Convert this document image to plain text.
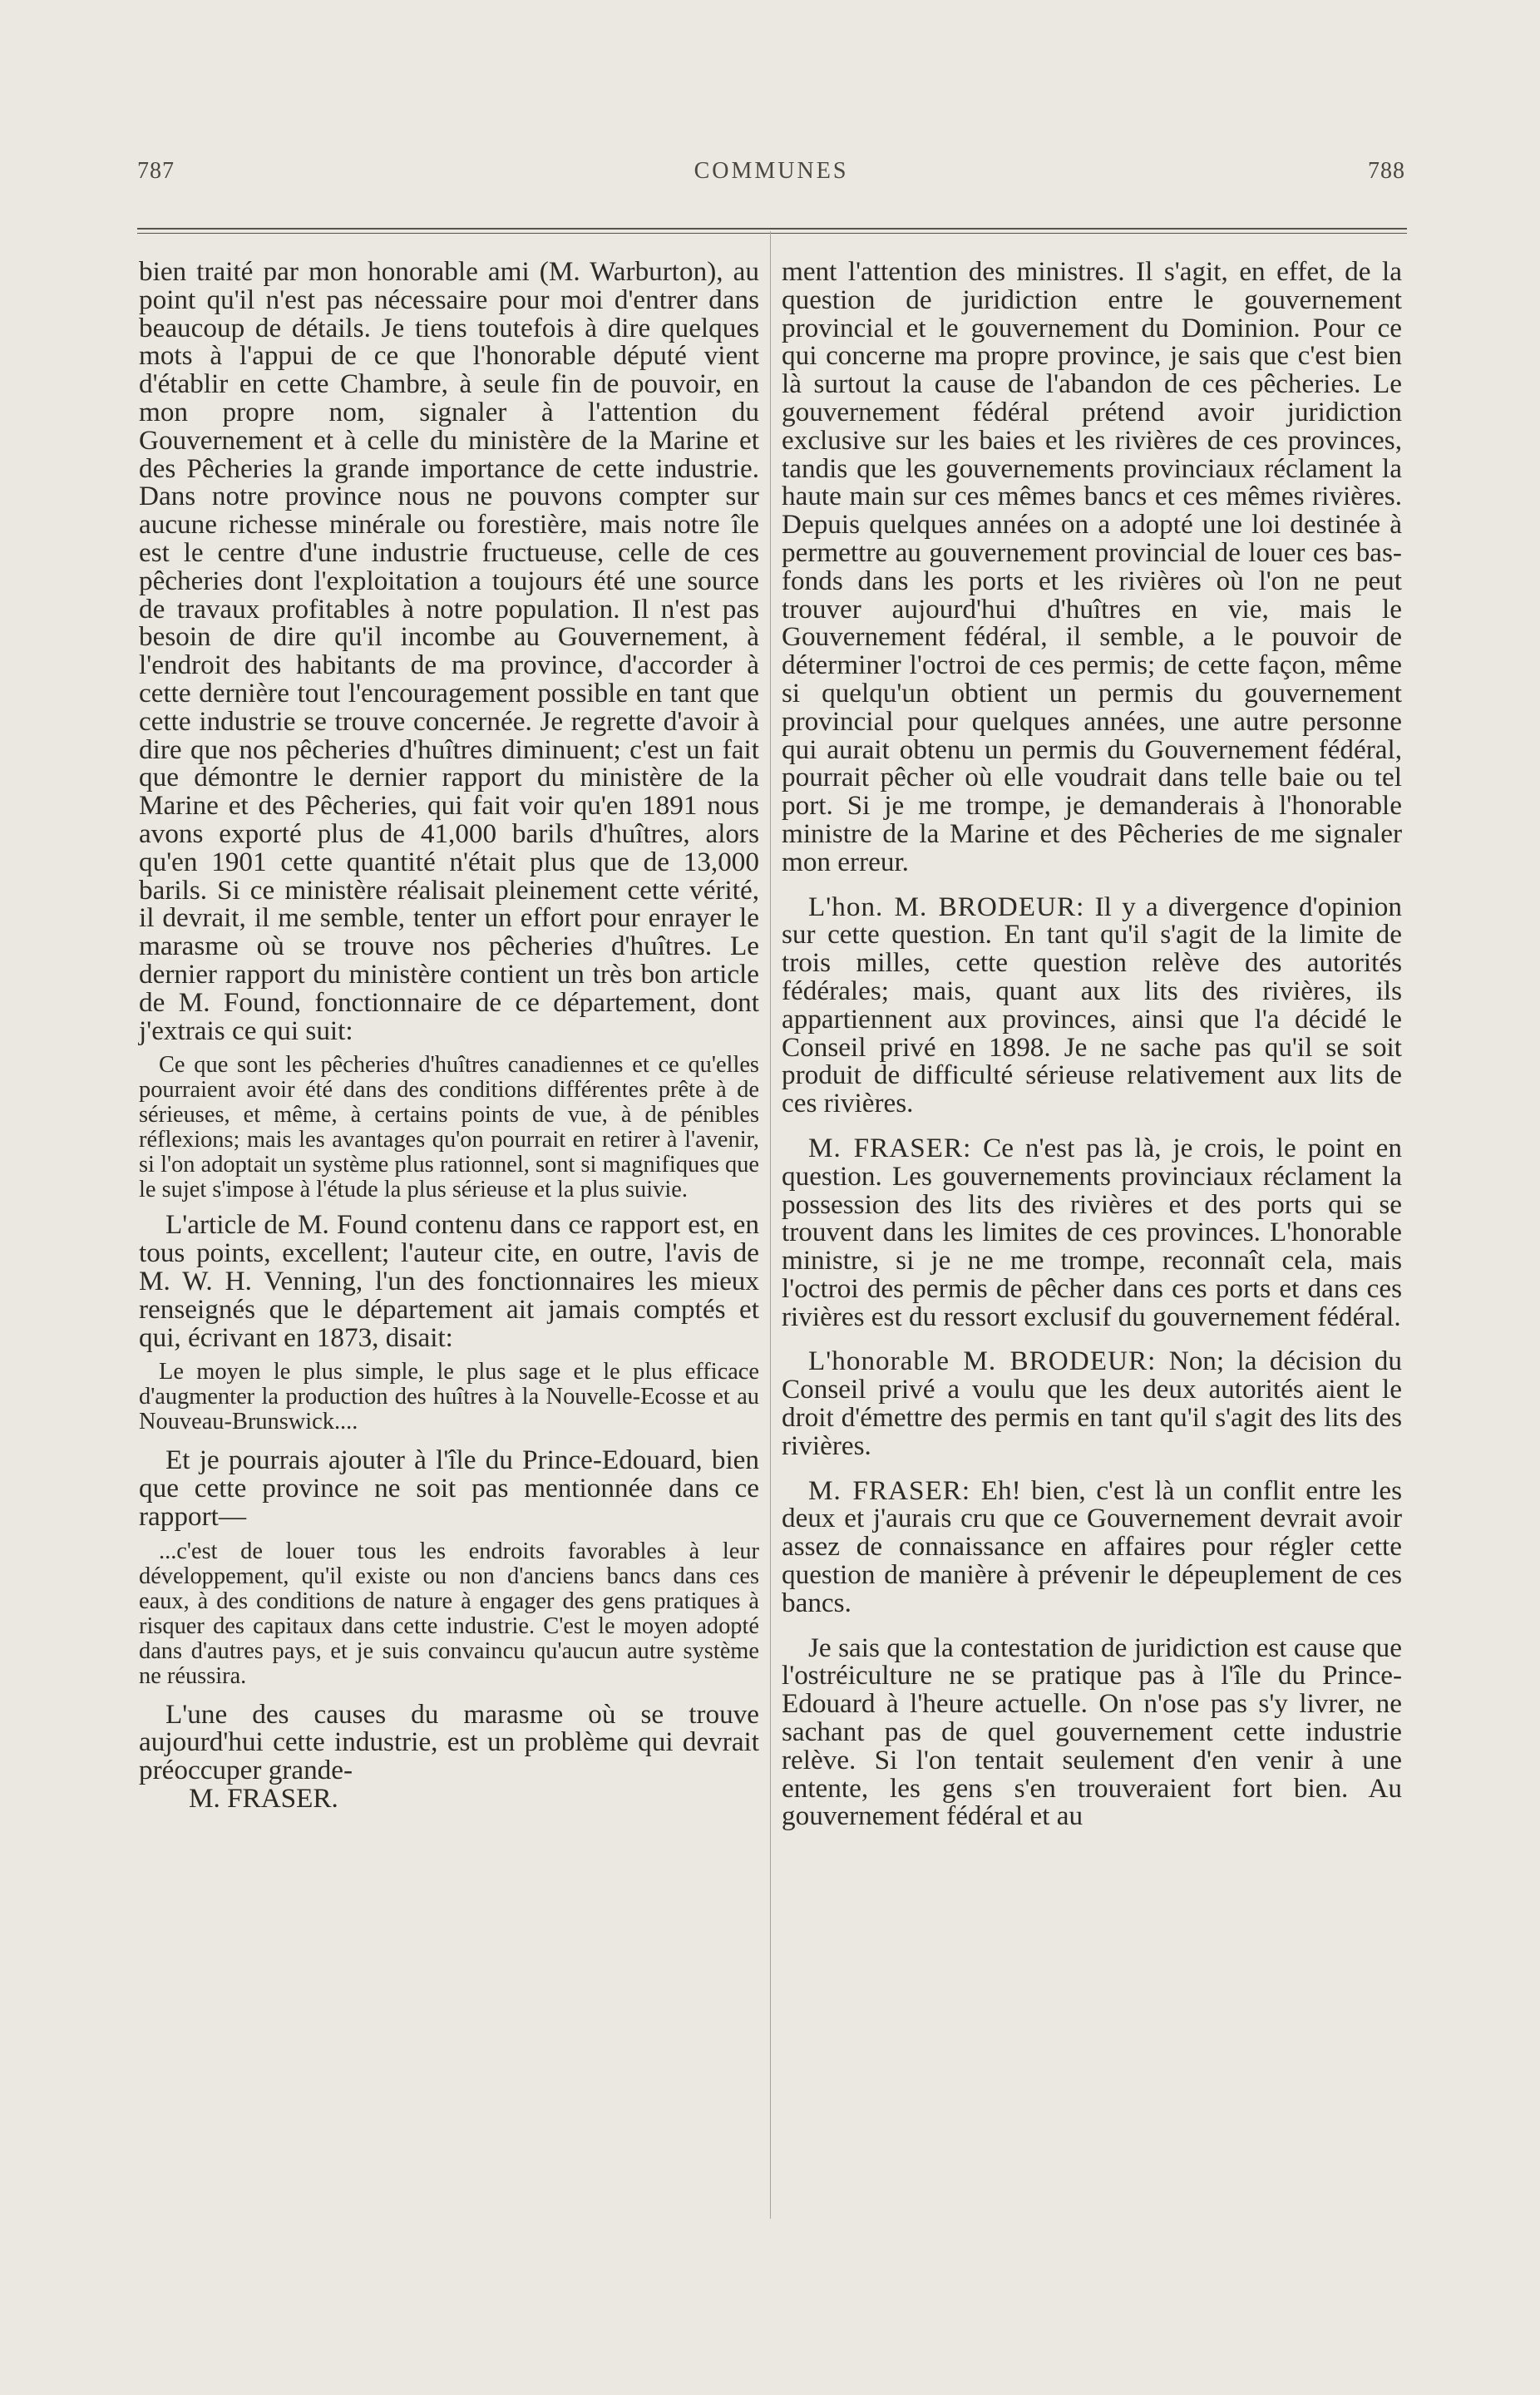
787	COMMUNES	788

bien traité par mon honorable ami (M. Warburton), au point qu'il n'est pas nécessaire pour moi d'entrer dans beaucoup de détails. Je tiens toutefois à dire quelques mots à l'appui de ce que l'honorable député vient d'établir en cette Chambre, à seule fin de pouvoir, en mon propre nom, signaler à l'attention du Gouvernement et à celle du ministère de la Marine et des Pêcheries la grande importance de cette industrie. Dans notre province nous ne pouvons compter sur aucune richesse minérale ou forestière, mais notre île est le centre d'une industrie fructueuse, celle de ces pêcheries dont l'exploitation a toujours été une source de travaux profitables à notre population. Il n'est pas besoin de dire qu'il incombe au Gouvernement, à l'endroit des habitants de ma province, d'accorder à cette dernière tout l'encouragement possible en tant que cette industrie se trouve concernée. Je regrette d'avoir à dire que nos pêcheries d'huîtres diminuent; c'est un fait que démontre le dernier rapport du ministère de la Marine et des Pêcheries, qui fait voir qu'en 1891 nous avons exporté plus de 41,000 barils d'huîtres, alors qu'en 1901 cette quantité n'était plus que de 13,000 barils. Si ce ministère réalisait pleinement cette vérité, il devrait, il me semble, tenter un effort pour enrayer le marasme où se trouve nos pêcheries d'huîtres. Le dernier rapport du ministère contient un très bon article de M. Found, fonctionnaire de ce département, dont j'extrais ce qui suit:

Ce que sont les pêcheries d'huîtres canadiennes et ce qu'elles pourraient avoir été dans des conditions différentes prête à de sérieuses, et même, à certains points de vue, à de pénibles réflexions; mais les avantages qu'on pourrait en retirer à l'avenir, si l'on adoptait un système plus rationnel, sont si magnifiques que le sujet s'impose à l'étude la plus sérieuse et la plus suivie.

L'article de M. Found contenu dans ce rapport est, en tous points, excellent; l'auteur cite, en outre, l'avis de M. W. H. Venning, l'un des fonctionnaires les mieux renseignés que le département ait jamais comptés et qui, écrivant en 1873, disait:

Le moyen le plus simple, le plus sage et le plus efficace d'augmenter la production des huîtres à la Nouvelle-Ecosse et au Nouveau-Brunswick....

Et je pourrais ajouter à l'île du Prince-Edouard, bien que cette province ne soit pas mentionnée dans ce rapport—

...c'est de louer tous les endroits favorables à leur développement, qu'il existe ou non d'anciens bancs dans ces eaux, à des conditions de nature à engager des gens pratiques à risquer des capitaux dans cette industrie. C'est le moyen adopté dans d'autres pays, et je suis convaincu qu'aucun autre système ne réussira.

L'une des causes du marasme où se trouve aujourd'hui cette industrie, est un problème qui devrait préoccuper grande-

M. FRASER.

ment l'attention des ministres. Il s'agit, en effet, de la question de juridiction entre le gouvernement provincial et le gouvernement du Dominion. Pour ce qui concerne ma propre province, je sais que c'est bien là surtout la cause de l'abandon de ces pêcheries. Le gouvernement fédéral prétend avoir juridiction exclusive sur les baies et les rivières de ces provinces, tandis que les gouvernements provinciaux réclament la haute main sur ces mêmes bancs et ces mêmes rivières. Depuis quelques années on a adopté une loi destinée à permettre au gouvernement provincial de louer ces bas-fonds dans les ports et les rivières où l'on ne peut trouver aujourd'hui d'huîtres en vie, mais le Gouvernement fédéral, il semble, a le pouvoir de déterminer l'octroi de ces permis; de cette façon, même si quelqu'un obtient un permis du gouvernement provincial pour quelques années, une autre personne qui aurait obtenu un permis du Gouvernement fédéral, pourrait pêcher où elle voudrait dans telle baie ou tel port. Si je me trompe, je demanderais à l'honorable ministre de la Marine et des Pêcheries de me signaler mon erreur.

L'hon. M. BRODEUR: Il y a divergence d'opinion sur cette question. En tant qu'il s'agit de la limite de trois milles, cette question relève des autorités fédérales; mais, quant aux lits des rivières, ils appartiennent aux provinces, ainsi que l'a décidé le Conseil privé en 1898. Je ne sache pas qu'il se soit produit de difficulté sérieuse relativement aux lits de ces rivières.

M. FRASER: Ce n'est pas là, je crois, le point en question. Les gouvernements provinciaux réclament la possession des lits des rivières et des ports qui se trouvent dans les limites de ces provinces. L'honorable ministre, si je ne me trompe, reconnaît cela, mais l'octroi des permis de pêcher dans ces ports et dans ces rivières est du ressort exclusif du gouvernement fédéral.

L'honorable M. BRODEUR: Non; la décision du Conseil privé a voulu que les deux autorités aient le droit d'émettre des permis en tant qu'il s'agit des lits des rivières.

M. FRASER: Eh! bien, c'est là un conflit entre les deux et j'aurais cru que ce Gouvernement devrait avoir assez de connaissance en affaires pour régler cette question de manière à prévenir le dépeuplement de ces bancs.

Je sais que la contestation de juridiction est cause que l'ostréiculture ne se pratique pas à l'île du Prince-Edouard à l'heure actuelle. On n'ose pas s'y livrer, ne sachant pas de quel gouvernement cette industrie relève. Si l'on tentait seulement d'en venir à une entente, les gens s'en trouveraient fort bien. Au gouvernement fédéral et au
